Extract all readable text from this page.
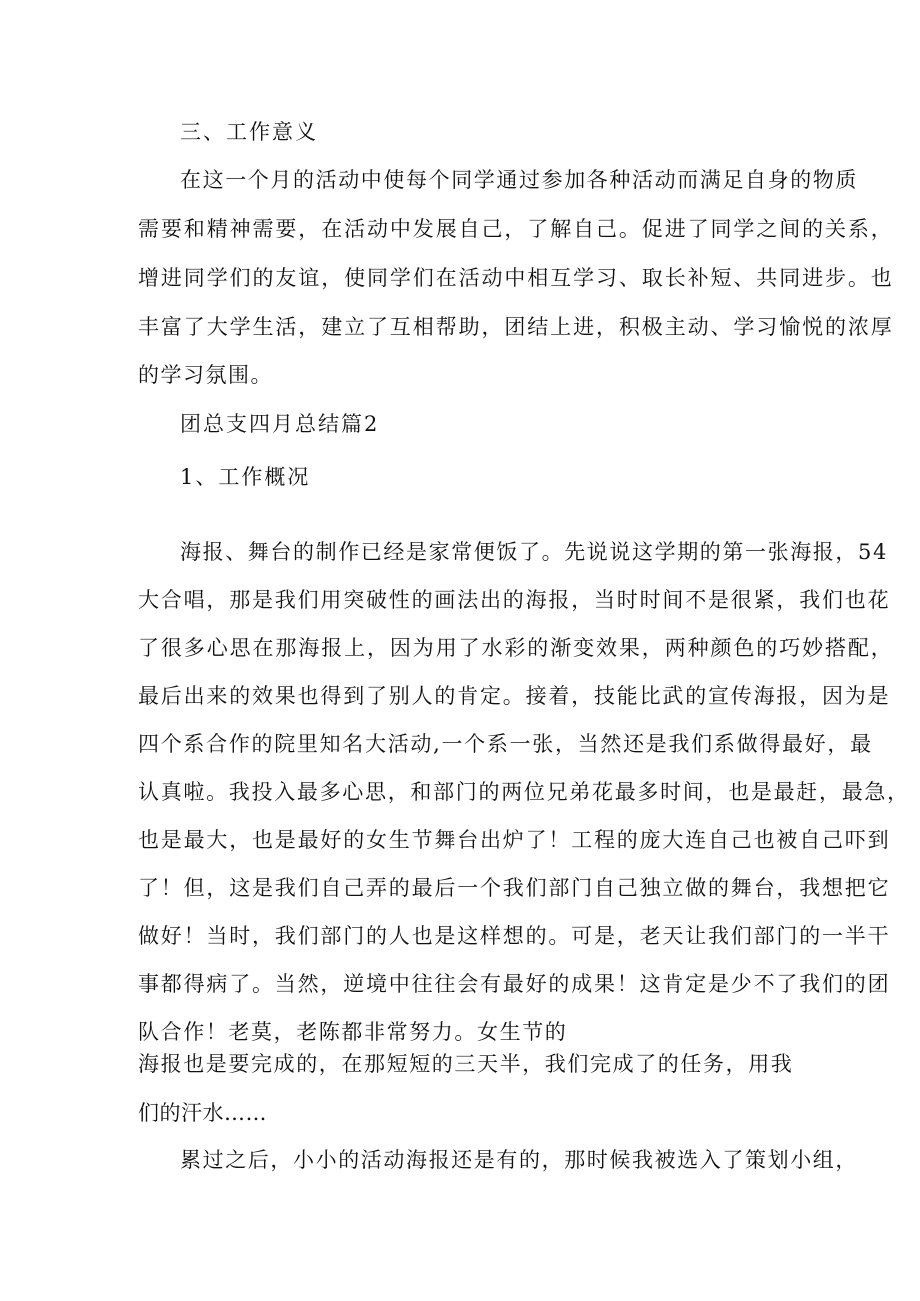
三、工作意义
在这一个月的活动中使每个同学通过参加各种活动而满足自身的物质
需要和精神需要，在活动中发展自己，了解自己。促进了同学之间的关系，
增进同学们的友谊，使同学们在活动中相互学习、取长补短、共同进步。也
丰富了大学生活，建立了互相帮助，团结上进，积极主动、学习愉悦的浓厚
的学习氛围。
团总支四月总结篇2
1、工作概况
海报、舞台的制作已经是家常便饭了。先说说这学期的第一张海报，54
大合唱，那是我们用突破性的画法出的海报，当时时间不是很紧，我们也花
了很多心思在那海报上，因为用了水彩的渐变效果，两种颜色的巧妙搭配，
最后出来的效果也得到了别人的肯定。接着，技能比武的宣传海报，因为是
四个系合作的院里知名大活动,一个系一张，当然还是我们系做得最好，最
认真啦。我投入最多心思，和部门的两位兄弟花最多时间，也是最赶，最急，
也是最大，也是最好的女生节舞台出炉了！工程的庞大连自己也被自己吓到
了！但，这是我们自己弄的最后一个我们部门自己独立做的舞台，我想把它
做好！当时，我们部门的人也是这样想的。可是，老天让我们部门的一半干
事都得病了。当然，逆境中往往会有最好的成果！这肯定是少不了我们的团
队合作！老莫，老陈都非常努力。女生节的
海报也是要完成的，在那短短的三天半，我们完成了的任务，用我
们的汗水……
累过之后，小小的活动海报还是有的，那时候我被选入了策划小组，
